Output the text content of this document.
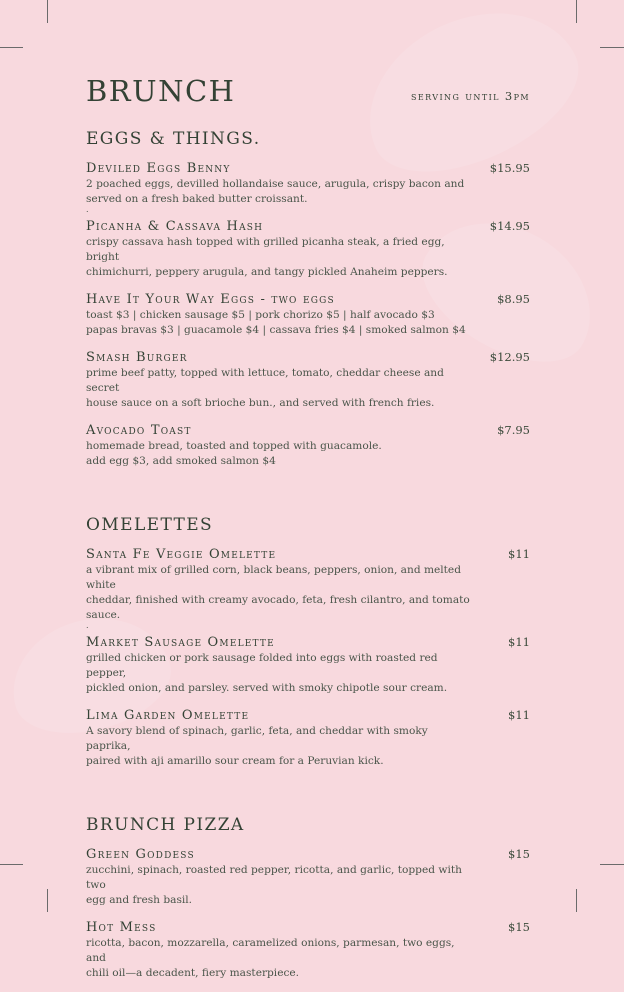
BRUNCH	serving until 3pm
EGGS & THINGS.
Deviled Eggs Benny	$15.95
2 poached eggs, devilled hollandaise sauce, arugula, crispy bacon and
served on a fresh baked butter croissant.
.
Picanha & Cassava Hash	$14.95
crispy cassava hash topped with grilled picanha steak, a fried egg, bright
chimichurri, peppery arugula, and tangy pickled Anaheim peppers.
Have It Your Way Eggs - two eggs	$8.95
toast $3 | chicken sausage $5 | pork chorizo $5 | half avocado $3
papas bravas $3 | guacamole $4 | cassava fries $4 | smoked salmon $4
Smash Burger	$12.95
prime beef patty, topped with lettuce, tomato, cheddar cheese and secret
house sauce on a soft brioche bun., and served with french fries.
Avocado Toast	$7.95
homemade bread, toasted and topped with guacamole.
add egg $3, add smoked salmon $4
OMELETTES
Santa Fe Veggie Omelette	$11
a vibrant mix of grilled corn, black beans, peppers, onion, and melted white
cheddar, finished with creamy avocado, feta, fresh cilantro, and tomato sauce.
.
Market Sausage Omelette	$11
grilled chicken or pork sausage folded into eggs with roasted red pepper,
pickled onion, and parsley. served with smoky chipotle sour cream.
Lima Garden Omelette	$11
A savory blend of spinach, garlic, feta, and cheddar with smoky paprika,
paired with aji amarillo sour cream for a Peruvian kick.
BRUNCH PIZZA
Green Goddess	$15
zucchini, spinach, roasted red pepper, ricotta, and garlic, topped with two
egg and fresh basil.
Hot Mess	$15
ricotta, bacon, mozzarella, caramelized onions, parmesan, two eggs, and
chili oil—a decadent, fiery masterpiece.
